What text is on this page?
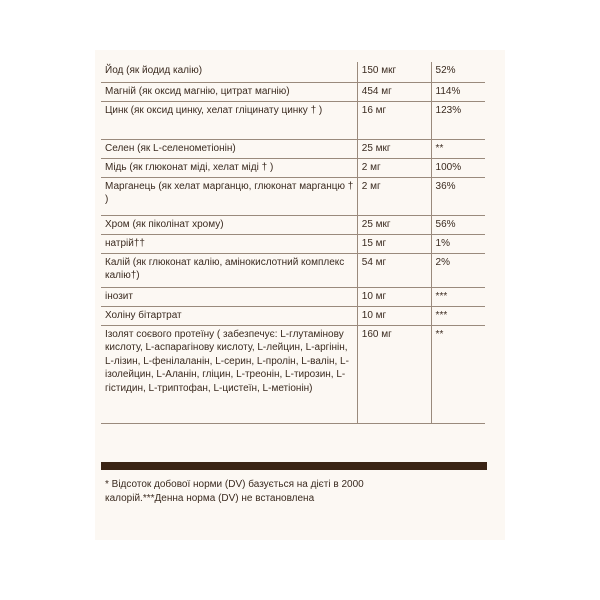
Йод (як йодид калію)	150 мкг	52%
Магній (як оксид магнію, цитрат магнію)	454 мг	114%
Цинк (як оксид цинку, хелат гліцинату цинку † )	16 мг	123%
Селен (як L-селенометіонін)	25 мкг	**
Мідь (як глюконат міді, хелат міді † )	2 мг	100%
Марганець (як хелат марганцю, глюконат марганцю † )	2 мг	36%
Хром (як піколінат хрому)	25 мкг	56%
натрій††	15 мг	1%
Калій (як глюконат калію, амінокислотний комплекс калію†)	54 мг	2%
інозит	10 мг	***
Холіну бітартрат	10 мг	***
Ізолят соєвого протеїну ( забезпечує: L-глутамінову кислоту, L-аспарагінову кислоту, L-лейцин, L-аргінін, L-лізин, L-фенілаланін, L-серин, L-пролін, L-валін, L-ізолейцин, L-Аланін, гліцин, L-треонін, L-тирозин, L-гістидин, L-триптофан, L-цистеїн, L-метіонін)	160 мг	**
* Відсоток добової норми (DV) базується на дієті в 2000 калорій.***Денна норма (DV) не встановлена
